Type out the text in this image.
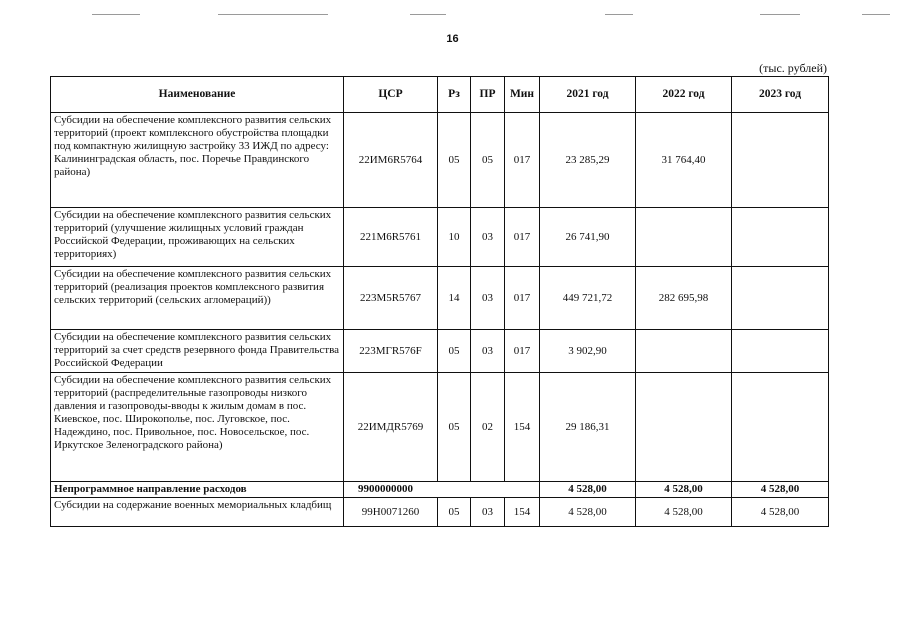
16
(тыс. рублей)
Наименование	ЦСР	Рз	ПР	Мин	2021 год	2022 год	2023 год
Субсидии на обеспечение комплексного развития сельских территорий (проект комплексного обустройства площадки под компактную жилищную застройку 33 ИЖД по адресу: Калининградская область, пос. Поречье Правдинского района)	22ИМ6R5764	05	05	017	23 285,29	31 764,40	
Субсидии на обеспечение комплексного развития сельских территорий (улучшение жилищных условий граждан Российской Федерации, проживающих на сельских территориях)	221М6R5761	10	03	017	26 741,90		
Субсидии на обеспечение комплексного развития сельских территорий (реализация проектов комплексного развития сельских территорий (сельских агломераций))	223М5R5767	14	03	017	449 721,72	282 695,98	
Субсидии на обеспечение комплексного развития сельских территорий за счет средств резервного фонда Правительства Российской Федерации	223МГR576F	05	03	017	3 902,90		
Субсидии на обеспечение комплексного развития сельских территорий (распределительные газопроводы низкого давления и газопроводы-вводы к жилым домам в пос. Киевское, пос. Широкополье, пос. Луговское, пос. Надеждино, пос. Привольное, пос. Новосельское, пос. Иркутское Зеленоградского района)	22ИМДR5769	05	02	154	29 186,31		
Непрограммное направление расходов	9900000000				4 528,00	4 528,00	4 528,00
Субсидии на содержание военных мемориальных кладбищ	99Н0071260	05	03	154	4 528,00	4 528,00	4 528,00
